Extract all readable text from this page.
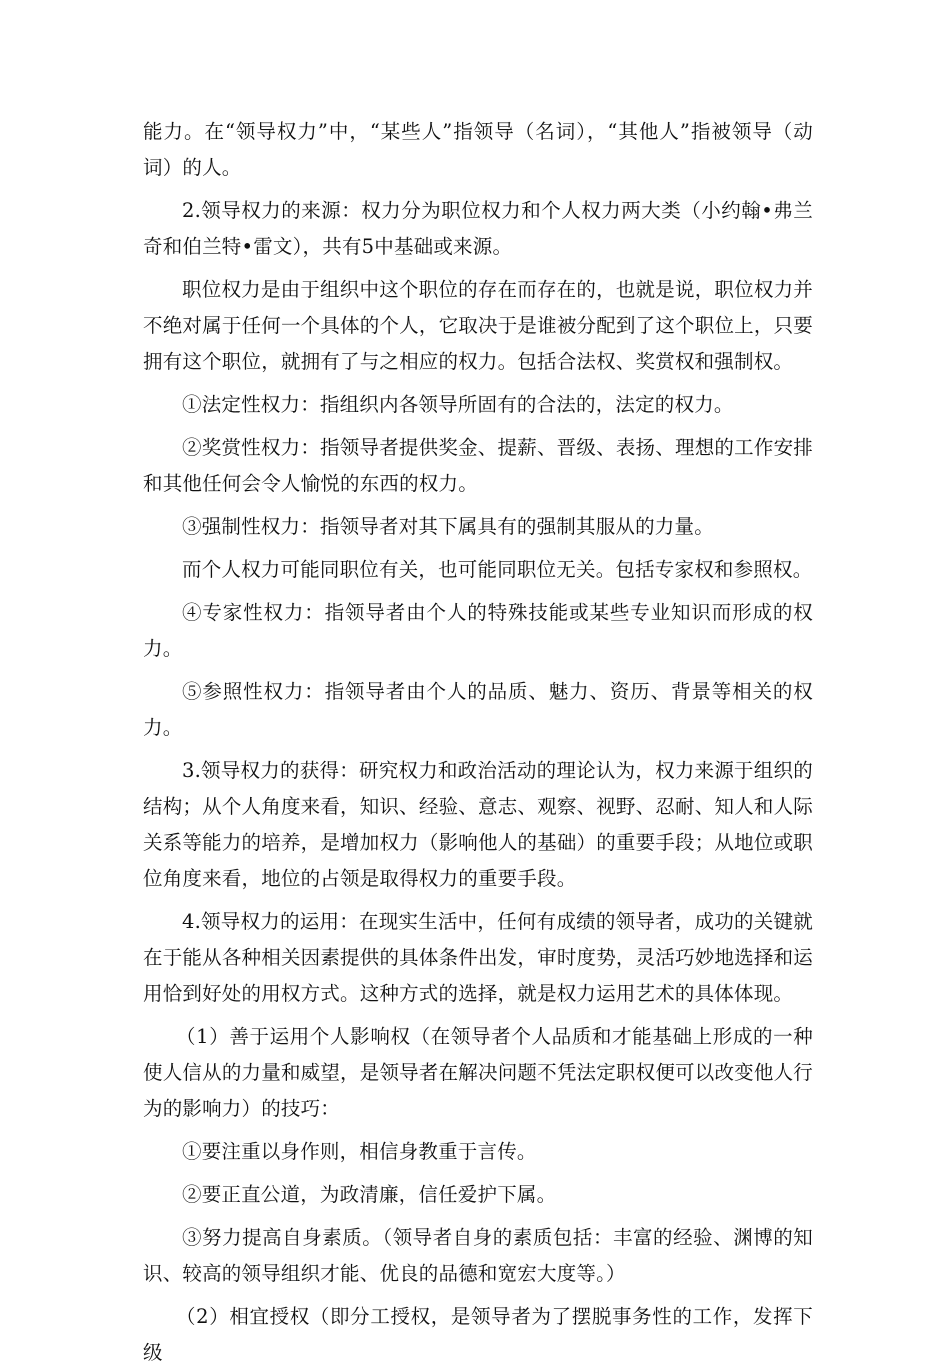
能力。在“领导权力”中，“某些人”指领导（名词），“其他人”指被领导（动词）的人。

2.领导权力的来源：权力分为职位权力和个人权力两大类（小约翰•弗兰奇和伯兰特•雷文），共有5中基础或来源。

职位权力是由于组织中这个职位的存在而存在的，也就是说，职位权力并不绝对属于任何一个具体的个人，它取决于是谁被分配到了这个职位上，只要拥有这个职位，就拥有了与之相应的权力。包括合法权、奖赏权和强制权。

①法定性权力：指组织内各领导所固有的合法的，法定的权力。

②奖赏性权力：指领导者提供奖金、提薪、晋级、表扬、理想的工作安排和其他任何会令人愉悦的东西的权力。

③强制性权力：指领导者对其下属具有的强制其服从的力量。

而个人权力可能同职位有关，也可能同职位无关。包括专家权和参照权。

④专家性权力：指领导者由个人的特殊技能或某些专业知识而形成的权力。

⑤参照性权力：指领导者由个人的品质、魅力、资历、背景等相关的权力。

3.领导权力的获得：研究权力和政治活动的理论认为，权力来源于组织的结构；从个人角度来看，知识、经验、意志、观察、视野、忍耐、知人和人际关系等能力的培养，是增加权力（影响他人的基础）的重要手段；从地位或职位角度来看，地位的占领是取得权力的重要手段。

4.领导权力的运用：在现实生活中，任何有成绩的领导者，成功的关键就在于能从各种相关因素提供的具体条件出发，审时度势，灵活巧妙地选择和运用恰到好处的用权方式。这种方式的选择，就是权力运用艺术的具体体现。

（1）善于运用个人影响权（在领导者个人品质和才能基础上形成的一种使人信从的力量和威望，是领导者在解决问题不凭法定职权便可以改变他人行为的影响力）的技巧：

①要注重以身作则，相信身教重于言传。

②要正直公道，为政清廉，信任爱护下属。

③努力提高自身素质。（领导者自身的素质包括：丰富的经验、渊博的知识、较高的领导组织才能、优良的品德和宽宏大度等。）

（2）相宜授权（即分工授权，是领导者为了摆脱事务性的工作，发挥下级
